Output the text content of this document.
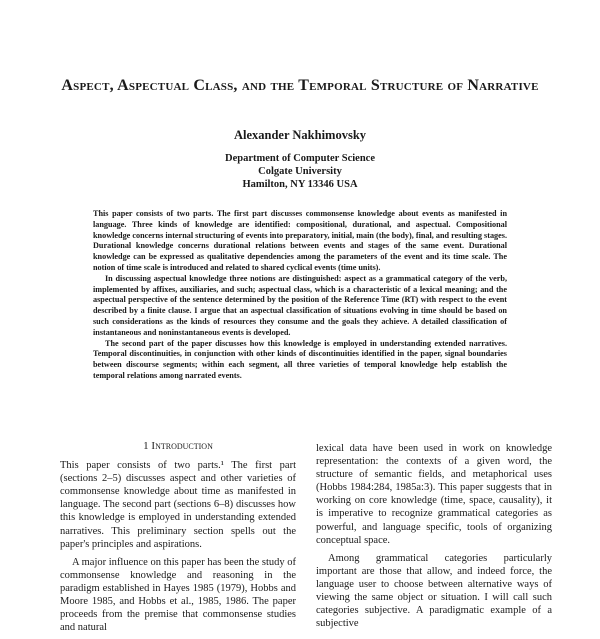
Aspect, Aspectual Class, and the Temporal Structure of Narrative
Alexander Nakhimovsky
Department of Computer Science
Colgate University
Hamilton, NY 13346 USA

This paper consists of two parts. The first part discusses commonsense knowledge about events as manifested in language. Three kinds of knowledge are identified: compositional, durational, and aspectual. Compositional knowledge concerns internal structuring of events into preparatory, initial, main (the body), final, and resulting stages. Durational knowledge concerns durational relations between events and stages of the same event. Durational knowledge can be expressed as qualitative dependencies among the parameters of the event and its time scale. The notion of time scale is introduced and related to shared cyclical events (time units).

In discussing aspectual knowledge three notions are distinguished: aspect as a grammatical category of the verb, implemented by affixes, auxiliaries, and such; aspectual class, which is a characteristic of a lexical meaning; and the aspectual perspective of the sentence determined by the position of the Reference Time (RT) with respect to the event described by a finite clause. I argue that an aspectual classification of situations evolving in time should be based on such considerations as the kinds of resources they consume and the goals they achieve. A detailed classification of instantaneous and noninstantaneous events is developed.

The second part of the paper discusses how this knowledge is employed in understanding extended narratives. Temporal discontinuities, in conjunction with other kinds of discontinuities identified in the paper, signal boundaries between discourse segments; within each segment, all three varieties of temporal knowledge help establish the temporal relations among narrated events.

1 Introduction

This paper consists of two parts.¹ The first part (sections 2–5) discusses aspect and other varieties of commonsense knowledge about time as manifested in language. The second part (sections 6–8) discusses how this knowledge is employed in understanding extended narratives. This preliminary section spells out the paper's principles and aspirations.

A major influence on this paper has been the study of commonsense knowledge and reasoning in the paradigm established in Hayes 1985 (1979), Hobbs and Moore 1985, and Hobbs et al., 1985, 1986. The paper proceeds from the premise that commonsense studies and natural

lexical data have been used in work on knowledge representation: the contexts of a given word, the structure of semantic fields, and metaphorical uses (Hobbs 1984:284, 1985a:3). This paper suggests that in working on core knowledge (time, space, causality), it is imperative to recognize grammatical categories as powerful, and language specific, tools of organizing conceptual space.

Among grammatical categories particularly important are those that allow, and indeed force, the language user to choose between alternative ways of viewing the same object or situation. I will call such categories subjective. A paradigmatic example of a subjective
